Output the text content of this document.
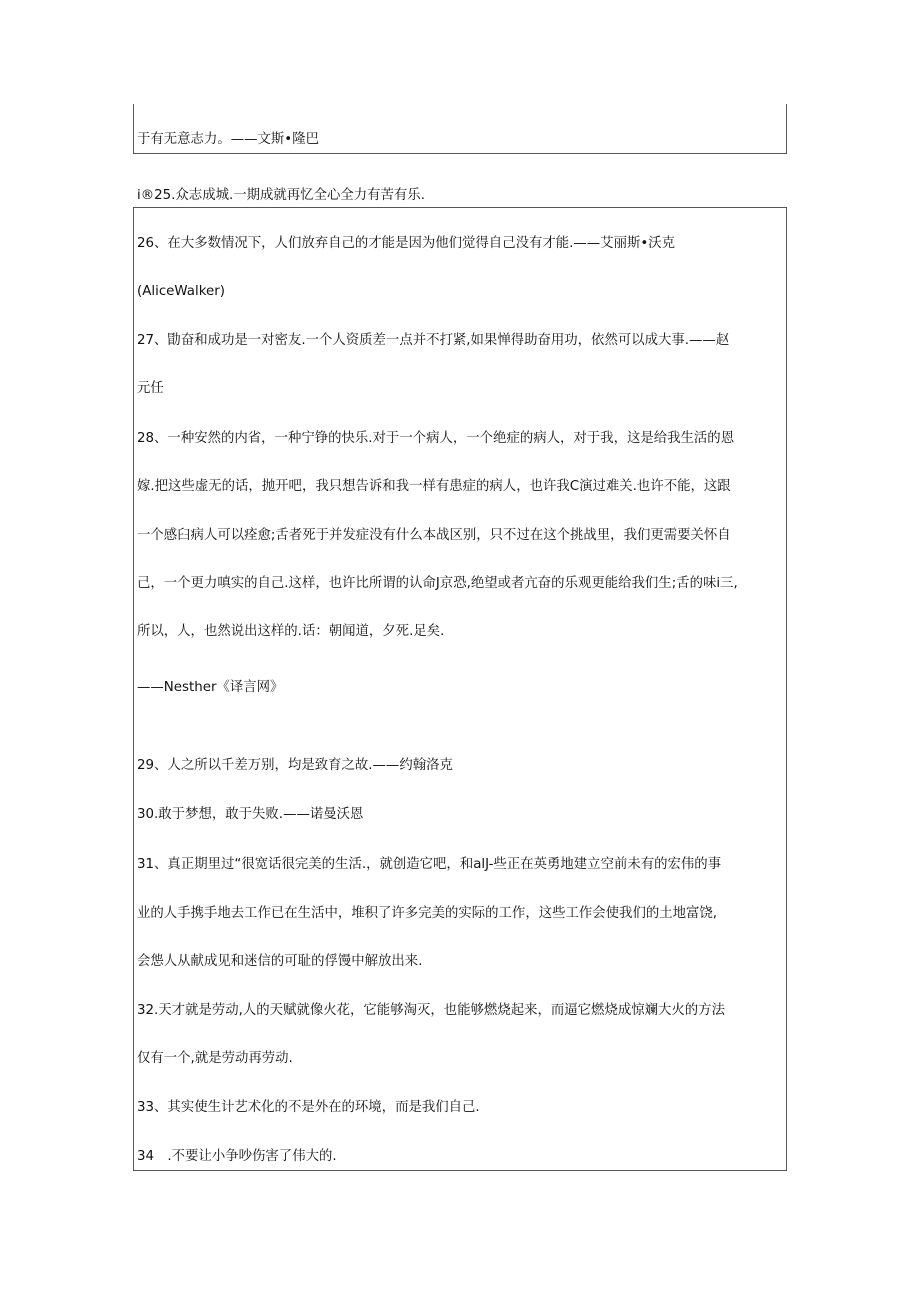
于有无意志力。——文斯•隆巴
i®25.众志成城.一期成就再忆全心全力有苦有乐.
26、在大多数情况下，人们放弃自己的才能是因为他们觉得自己没有才能.——艾丽斯•沃克
(AliceWalker)
27、勖奋和成功是一对密友.一个人资质差一点并不打紧,如果惮得助奋用功，依然可以成大事.——赵
元任
28、一种安然的内省，一种宁铮的快乐.对于一个病人，一个绝症的病人，对于我，这是给我生活的恩
嫁.把这些虚无的话，抛开吧，我只想告诉和我一样有患症的病人，也许我C演过难关.也许不能，这跟
一个感臼病人可以痊愈;舌者死于并发症没有什么本战区别，只不过在这个挑战里，我们更需要关怀自
己，一个更力嗔实的自己.这样，也许比所谓的认命J京恐,绝望或者亢奋的乐观更能给我们生;舌的味i三,
所以，人，也然说出这样的.话：朝闻道，夕死.足矣.
——Nesther《译言网》
29、人之所以千差万别，均是致育之故.——约翰洛克
30.敢于梦想，敢于失败.——诺曼沃恩
31、真正期里过“很宽话很完美的生活.，就创造它吧，和alJ-些正在英勇地建立空前未有的宏伟的事
业的人手携手地去工作已在生活中，堆积了许多完美的实际的工作，这些工作会使我们的土地富饶,
会怹人从献成见和迷信的可耻的俘馒中解放出来.
32.天才就是劳动,人的天赋就像火花，它能够淘灭，也能够燃烧起来，而逼它燃烧成惊斓大火的方法
仅有一个,就是劳动再劳动.
33、其实使生计艺术化的不是外在的环境，而是我们自己.
34　.不要让小争吵伤害了伟大的.
